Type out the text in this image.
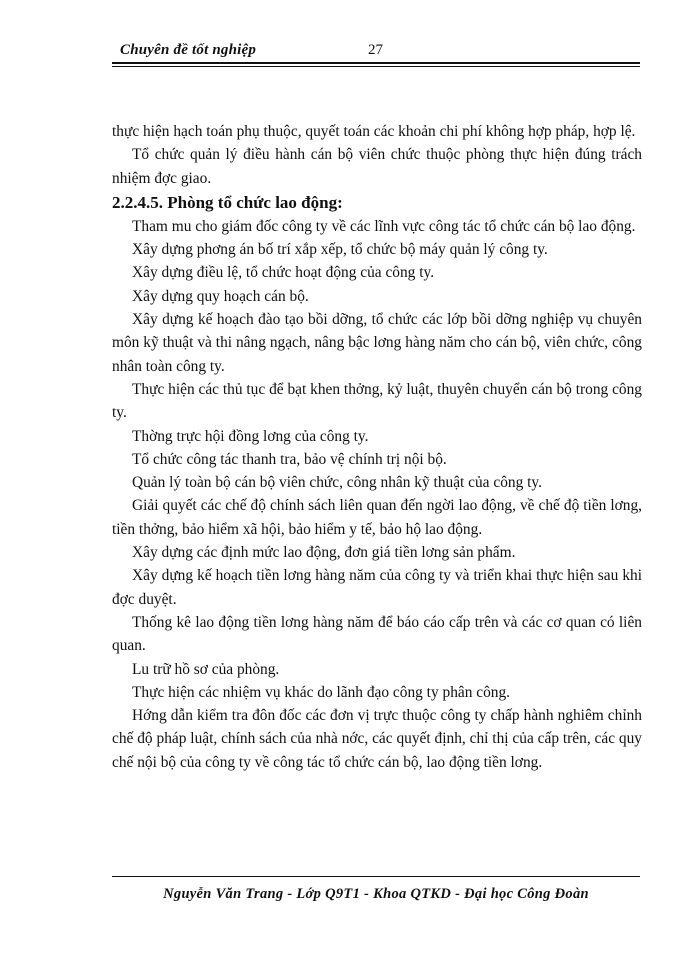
Chuyên đề tốt nghiệp	27

thực hiện hạch toán phụ thuộc, quyết toán các khoản chi phí không hợp pháp, hợp lệ.

Tổ chức quản lý điều hành cán bộ viên chức thuộc phòng thực hiện đúng trách nhiệm đợc giao.

2.2.4.5. Phòng tổ chức lao động:

Tham mu cho giám đốc công ty về các lĩnh vực công tác tổ chức cán bộ lao động.

Xây dựng phơng án bố trí xắp xếp, tổ chức bộ máy quản lý công ty.

Xây dựng điều lệ, tổ chức hoạt động của công ty.

Xây dựng quy hoạch cán bộ.

Xây dựng kế hoạch đào tạo bồi dỡng, tổ chức các lớp bồi dỡng nghiệp vụ chuyên môn kỹ thuật và thi nâng ngạch, nâng bậc lơng hàng năm cho cán bộ, viên chức, công nhân toàn công ty.

Thực hiện các thủ tục để bạt khen thởng, kỷ luật, thuyên chuyển cán bộ trong công ty.

Thờng trực hội đồng lơng của công ty.

Tổ chức công tác thanh tra, bảo vệ chính trị nội bộ.

Quản lý toàn bộ cán bộ viên chức, công nhân kỹ thuật của công ty.

Giải quyết các chế độ chính sách liên quan đến ngời lao động, về chế độ tiền lơng, tiền thởng, bảo hiểm xã hội, bảo hiểm y tế, bảo hộ lao động.

Xây dựng các định mức lao động, đơn giá tiền lơng sản phẩm.

Xây dựng kế hoạch tiền lơng hàng năm của công ty và triển khai thực hiện sau khi đợc duyệt.

Thống kê lao động tiền lơng hàng năm để báo cáo cấp trên và các cơ quan có liên quan.

Lu trữ hồ sơ của phòng.

Thực hiện các nhiệm vụ khác do lãnh đạo công ty phân công.

Hớng dẫn kiểm tra đôn đốc các đơn vị trực thuộc công ty chấp hành nghiêm chỉnh chế độ pháp luật, chính sách của nhà nớc, các quyết định, chỉ thị của cấp trên, các quy chế nội bộ của công ty về công tác tổ chức cán bộ, lao động tiền lơng.

Nguyễn Văn Trang - Lớp Q9T1 - Khoa QTKD - Đại học Công Đoàn
